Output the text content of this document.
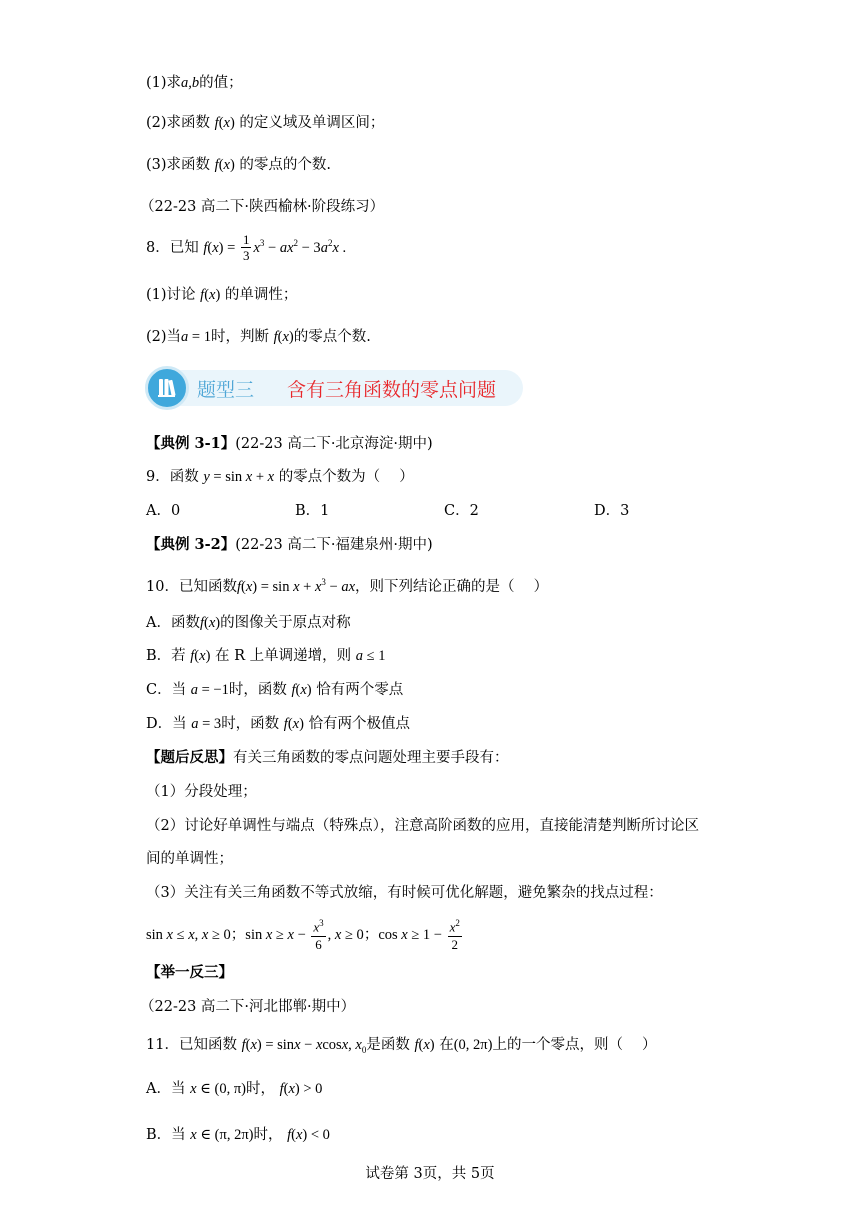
(1)求a,b的值；
(2)求函数 f(x) 的定义域及单调区间；
(3)求函数 f(x) 的零点的个数.
（22-23 高二下·陕西榆林·阶段练习）
8．已知 $f(x) = \frac{1}{3} x^3 - ax^2 - 3a^2x$ .
(1)讨论 f(x) 的单调性；
(2)当a = 1时，判断 f(x)的零点个数.
题型三 含有三角函数的零点问题
【典例 3-1】(22-23 高二下·北京海淀·期中)
9．函数 y = sin x + x 的零点个数为（　 ）
A．0	B．1	C．2	D．3
【典例 3-2】(22-23 高二下·福建泉州·期中)
10．已知函数$f(x) = \sin x + x^3$ − ax，则下列结论正确的是（　 ）
A．函数f(x)的图像关于原点对称
B．若 f(x) 在 R 上单调递增，则 a ≤ 1
C．当 a = −1时，函数 f(x) 恰有两个零点
D．当 a = 3时，函数 f(x) 恰有两个极值点
【题后反思】有关三角函数的零点问题处理主要手段有：
（1）分段处理；
（2）讨论好单调性与端点（特殊点），注意高阶函数的应用，直接能清楚判断所讨论区
间的单调性；
（3）关注有关三角函数不等式放缩，有时候可优化解题，避免繁杂的找点过程：
sin x ≤ x, x ≥ 0；$\sin x \ge x - \frac{x^3}{6}$ , x ≥ 0；$\cos x \ge 1 - \frac{x^2}{2}$
【举一反三】
（22-23 高二下·河北邯郸·期中）
11．已知函数 f(x) = sinx − xcosx, $x_0$是函数 f(x) 在(0, 2π)上的一个零点，则（　 ）
A．当 x ∈ (0, π)时， f(x) > 0
B．当 x ∈ (π, 2π)时， f(x) < 0
试卷第 3页，共 5页
